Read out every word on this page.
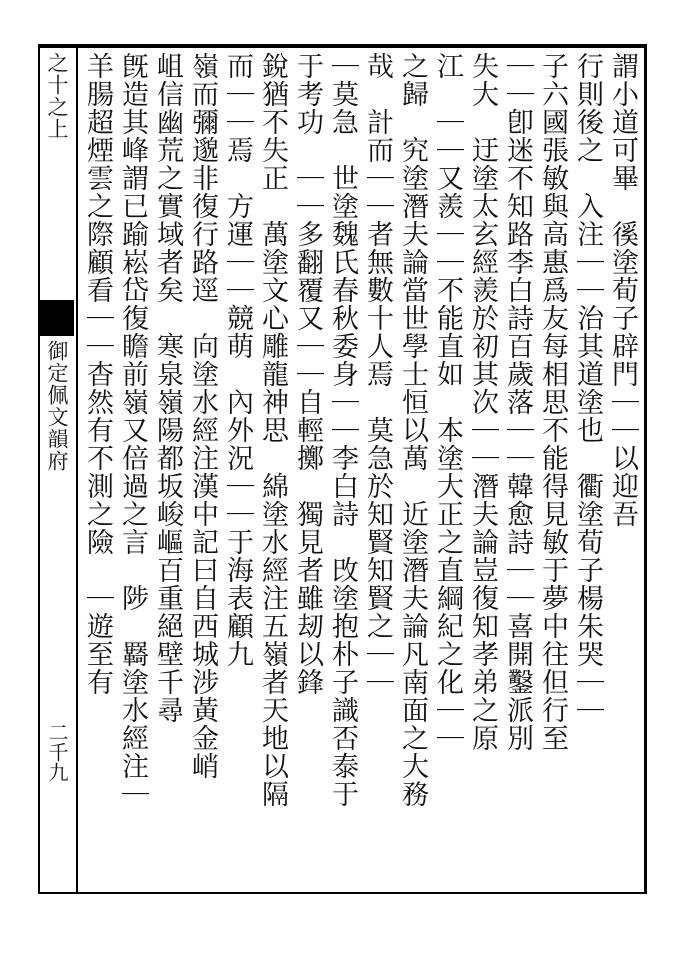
之十之上
御定佩文韻府
二千九
謂小道可畢　徯塗荀子辟門｜｜以迎吾
行則後之　入注｜｜治其道塗也　衢塗荀子楊朱哭｜｜
子六國張敏與高惠爲友每相思不能得見敏于夢中往但行至
｜｜卽迷不知路李白詩百歲落｜｜韓愈詩｜｜喜開鑿派別
失大　迂塗太玄經羨於初其次｜｜潛夫論豈復知孝弟之原
江　｜｜又羨｜｜不能直如　本塗大正之直綱紀之化｜｜
之歸　究塗潛夫論當世學士恒以萬　近塗潛夫論凡南面之大務
哉　計而｜｜者無數十人焉　莫急於知賢知賢之｜｜
｜莫急　世塗魏氏春秋委身｜｜李白詩　攺塗抱朴子識否泰于
于考功　｜｜多翻覆又｜｜自輕擲　獨見者雖刼以鋒
銳猶不失正　萬塗文心雕龍神思　綿塗水經注五嶺者天地以隔
而｜｜焉　方運｜｜競萌　內外況｜｜于海表顧九
嶺而彌邈非復行路逕　向塗水經注漢中記曰自西城涉黃金峭
岨信幽荒之實域者矣　寒泉嶺陽都坂峻嶇百重絕壁千尋
旣造其峰謂已踰崧岱復瞻前嶺又倍過之言　陟　羇塗水經注｜
羊腸超煙雲之際顧看｜｜杳然有不測之險　｜遊至有
